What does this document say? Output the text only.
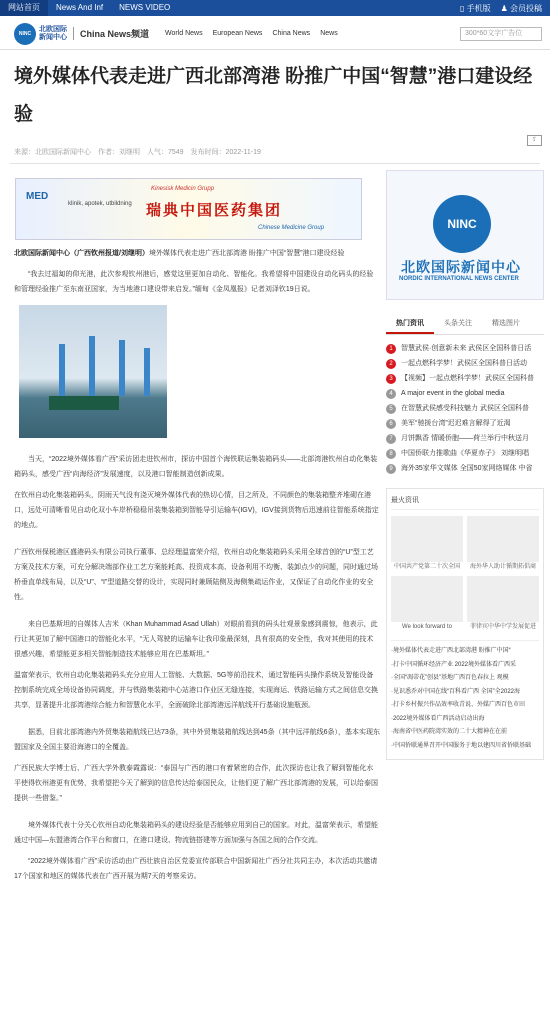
网站首页	News And Inf	NEWS VIDEO	▯ 手机版 ♟ 会员投稿
NINC
北欧国际
新闻中心	China News频道 World News European News China News News	300*60文字广告位
境外媒体代表走进广西北部湾港 盼推广中国“智慧”港口建设经验
来源：北欧国际新闻中心 作者：刘继明 人气：7549 发布时间：2022-11-19
⇪
MED
klinik, apotek, utbildning
Kinesisk Medicin Grupp
瑞典中国医药集团
Chinese Medicine Group

北欧国际新闻中心（广西钦州报道/刘继明）境外媒体代表走进广西北部湾港 盼推广中国“智慧”港口建设经验

“我去过福匐的仰光港，此次参观钦州港后，感觉这里更加自动化、智能化。我希望将中国建设自动化码头的经验和管理经验推广至东南亚国家，为当地港口建设带来启发。”缅甸《金凤凰报》记者刘泽钦19日说。

当天，“2022境外媒体看广西”采访团走进钦州市，探访中国首个海铁联运集装箱码头——北部湾港钦州自动化集装箱码头，感受广西“向海经济”发展速度，以及港口智能制造创新成果。

在钦州自动化集装箱码头，阴雨天气没有浇灭境外媒体代表的热切心情，目之所及，不同颜色的集装箱整齐堆砌在港口，远处可清晰看见自动化双小车岸桥稳稳吊装集装箱到智能导引运输车(IGV)，IGV接到货物后迅速前往智能系统指定的地点。

广西钦州保税港区盛港码头有限公司执行董事、总经理温富荣介绍，钦州自动化集装箱码头采用全球首创的“U”型工艺方案及技术方案，可充分解决端部作业工艺方案能耗高、投资成本高、设备利用不均衡、装卸点少的问题，同时通过场桥垂直单线布局，以及“U”、“I”型道路交替的设计，实现同时兼顾陆侧及海侧集疏运作业，又保证了自动化作业的安全性。

来自巴基斯坦的自媒体人吉米（Khan Muhammad Asad Ullah）对眼前看到的码头壮观景象感到震惊，他表示，此行让其更加了解中国港口的智能化水平，“无人驾驶的运输车让我印象最深刻，具有很高的安全性，我对其使用的技术很感兴趣，希望能更多相关智能制造技术能够应用在巴基斯坦。”

温富荣表示，钦州自动化集装箱码头充分应用人工智能、大数据、5G等前沿技术，通过智能码头操作系统及智能设备控制系统完成全场设备协同调度，并与铁路集装箱中心站港口作业区无缝连接，实现海运、铁路运输方式之间信息交换共享，显著提升北部湾港综合能力和智慧化水平，全面破除北部湾港远洋航线开行基础设施瓶颈。

据悉，目前北部湾港内外贸集装箱航线已达73条，其中外贸集装箱航线达到45条（其中远洋航线6条），基本实现东盟国家及全国主要沿海港口的全覆盖。

广西民族大学博士后、广西大学外教泰霞露说：“泰国与广西的港口有着紧密的合作，此次探访也让我了解到智能化水平使得钦州港更有优势，我希望把今天了解到的信息传达给泰国民众，让他们更了解广西北部湾港的发展，可以给泰国提供一些借鉴。”

境外媒体代表十分关心钦州自动化集装箱码头的建设经验是否能够应用到自己的国家。对此，温富荣表示，希望能通过中国—东盟港湾合作平台和窗口，在港口建设、物流链搭建等方面加强与各国之间的合作交流。

“2022境外媒体看广西”采访活动由广西壮族自治区党委宣传部联合中国新闻社广西分社共同主办，本次活动共邀请17个国家和地区的媒体代表在广西开展为期7天的考察采访。

NINC
北欧国际新闻中心
NORDIC INTERNATIONAL NEWS CENTER
热门资讯	头条关注	精选图片
1	智慧武侯·创意新未来 武侯区全国科普日活
2	一起点燃科学梦！武侯区全国科普日活动
3	【视频】一起点燃科学梦！武侯区全国科普
4	A major event in the global media
5	在智慧武侯感受科技魅力 武侯区全国科普
6	美军“驰援台湾”迟迟难言解得了近渴
7	月饼飘香 情暖侨胞——荷兰举行中秋送月
8	中国侨联力推歌曲《华夏赤子》 刘继明唱
9	海外35家华文媒体 全国50家网络媒体 中省
最火资讯
中国共产党第二十次全国	海外华人助计循期拓倡商
We look forward to	菲律宾中华中学发展促进
·境外媒体代表走进广西北部湾港 盼推广中国“
·打卡中国循环经济产业 2022境外媒体看广西采
·全国“凋蒂花”创县”基地广西百色春拉上 观模
·见识悉乔对中国在线“百科看广西 全国”全2022海
·打卡乡村振兴作品效率收青说、外媒广西百色市田
·2022境外媒体看广西活动启动出海
·海南省中医药院湾实效的二十大精神在在前
·中国侨联通界召开中国服务于地以建四川省侨联基础
